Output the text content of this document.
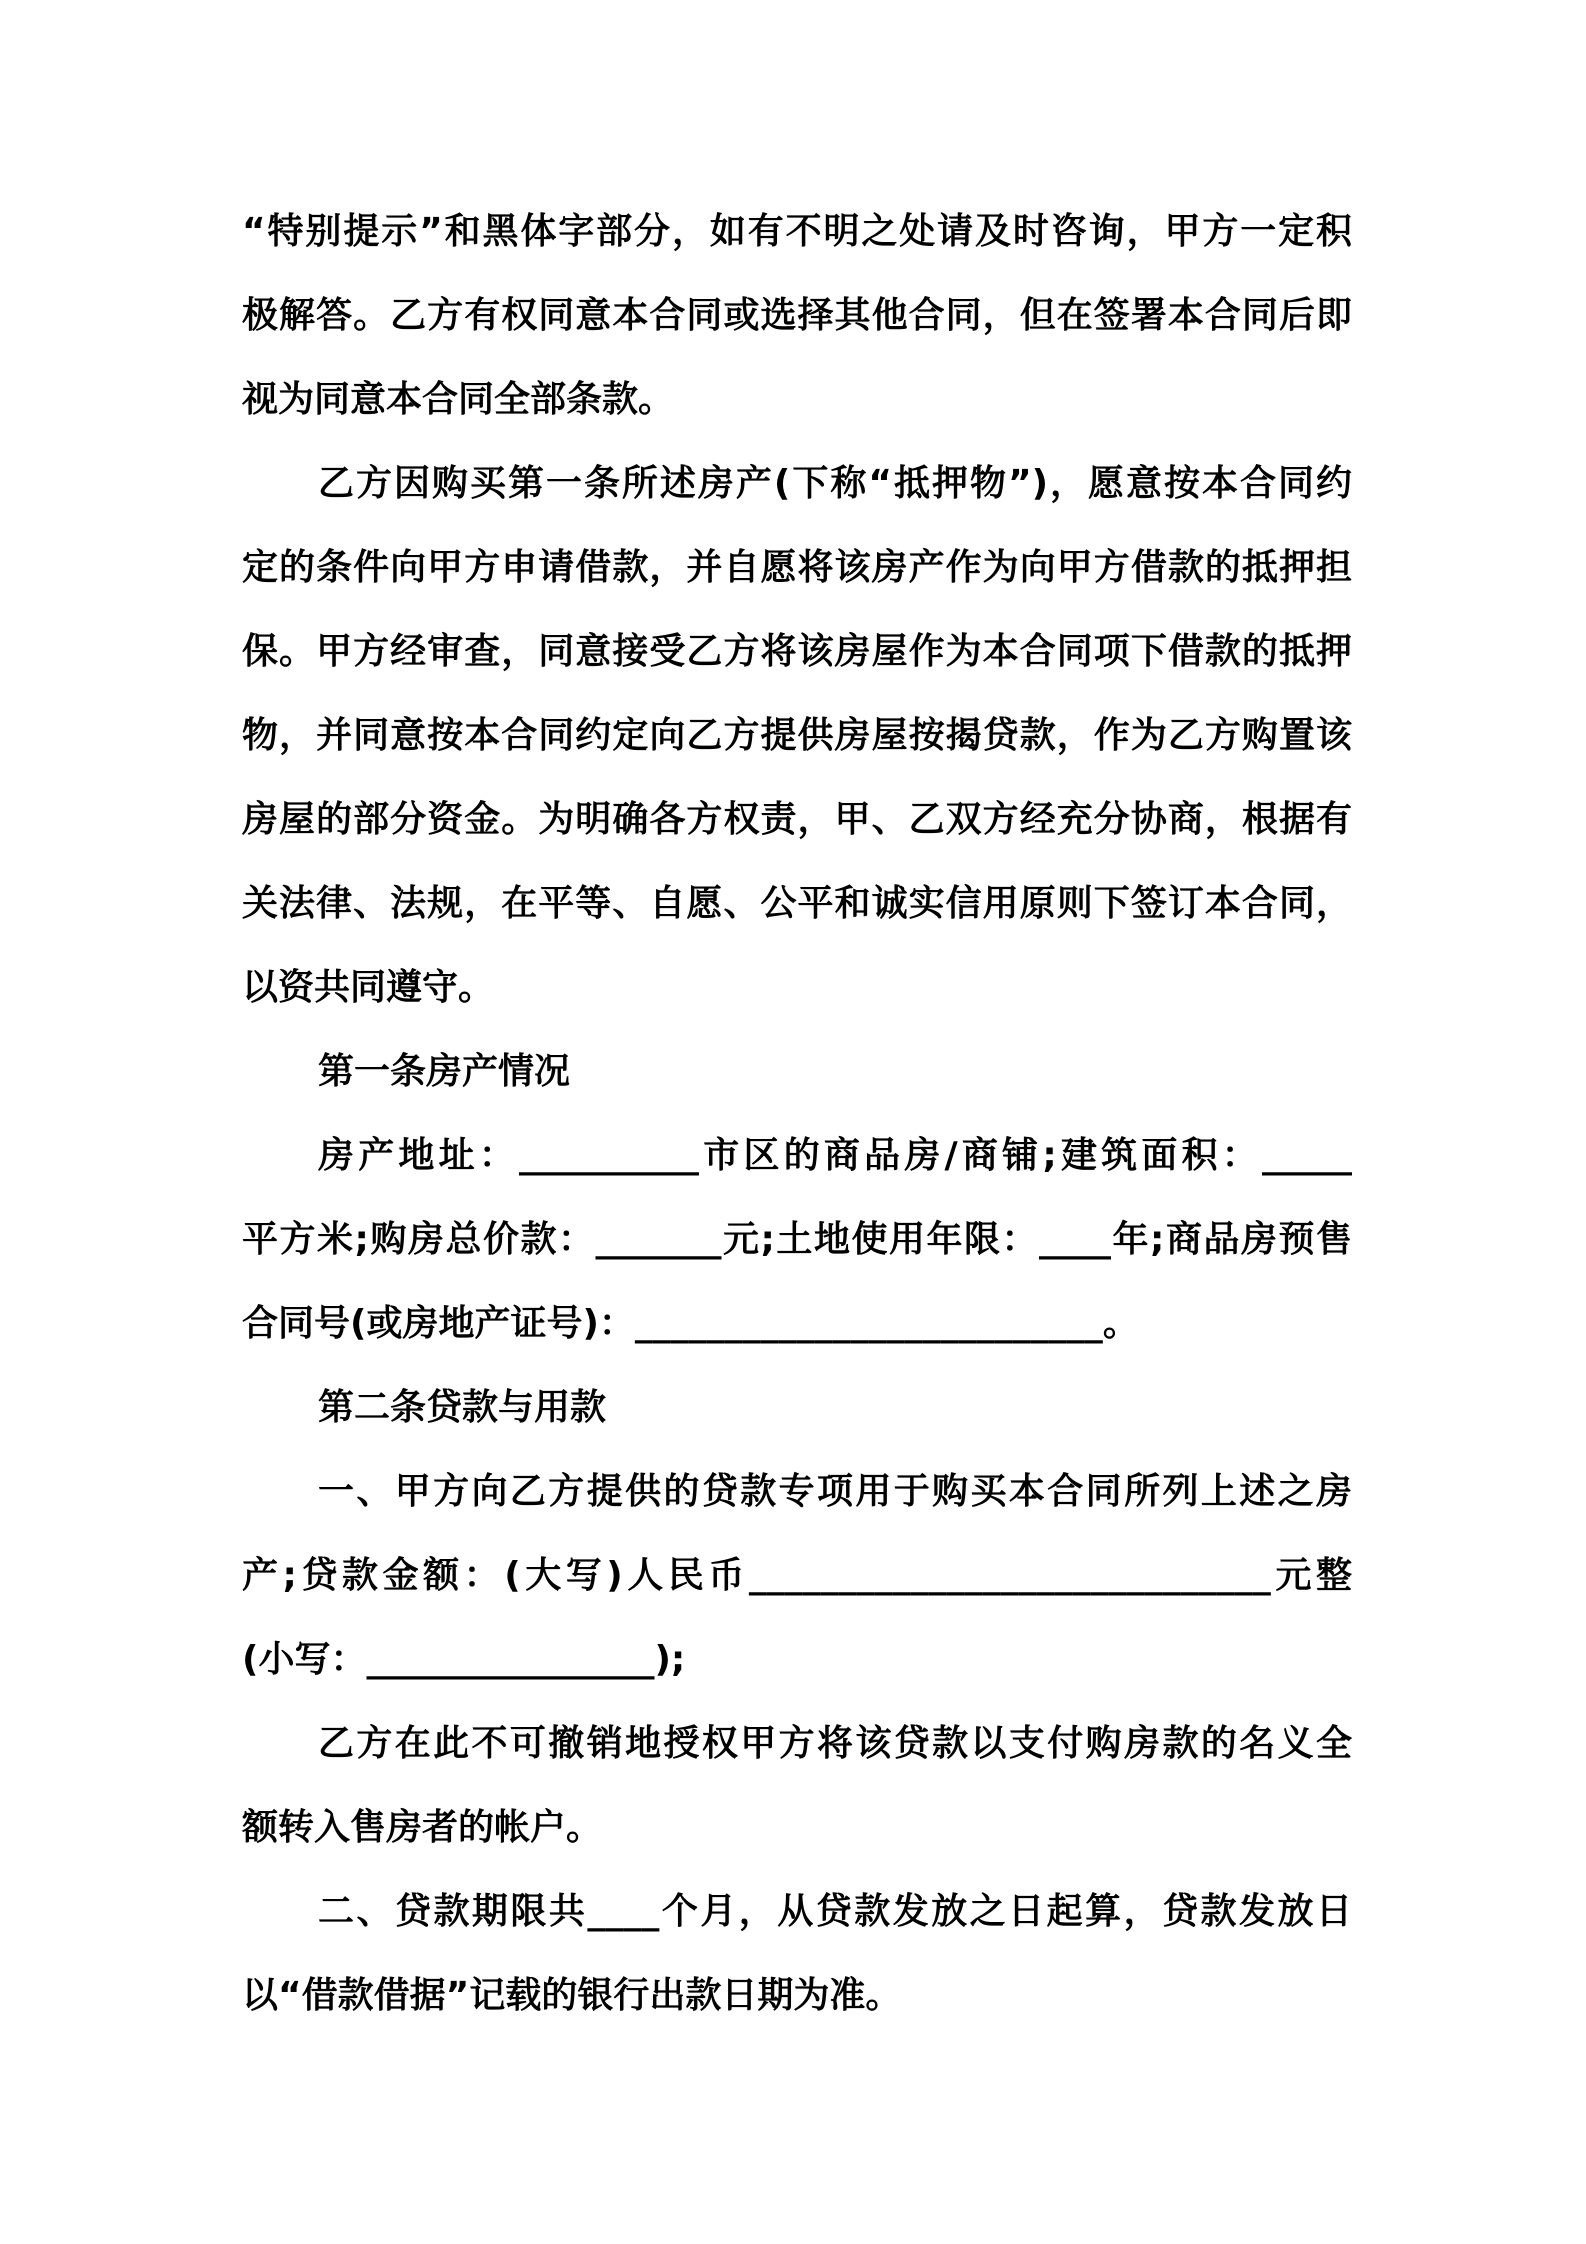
“特别提示”和黑体字部分，如有不明之处请及时咨询，甲方一定积
极解答。乙方有权同意本合同或选择其他合同，但在签署本合同后即
视为同意本合同全部条款。

乙方因购买第一条所述房产(下称“抵押物”)，愿意按本合同约
定的条件向甲方申请借款，并自愿将该房产作为向甲方借款的抵押担
保。甲方经审查，同意接受乙方将该房屋作为本合同项下借款的抵押
物，并同意按本合同约定向乙方提供房屋按揭贷款，作为乙方购置该
房屋的部分资金。为明确各方权责，甲、乙双方经充分协商，根据有
关法律、法规，在平等、自愿、公平和诚实信用原则下签订本合同，
以资共同遵守。

第一条房产情况

房产地址：__________市区的商品房/商铺;建筑面积：_____
平方米;购房总价款：_______元;土地使用年限：____年;商品房预售
合同号(或房地产证号)：__________________________。

第二条贷款与用款

一、甲方向乙方提供的贷款专项用于购买本合同所列上述之房
产;贷款金额：(大写)人民币_____________________________元整
(小写：________________);

乙方在此不可撤销地授权甲方将该贷款以支付购房款的名义全
额转入售房者的帐户。

二、贷款期限共____个月，从贷款发放之日起算，贷款发放日
以“借款借据”记载的银行出款日期为准。
